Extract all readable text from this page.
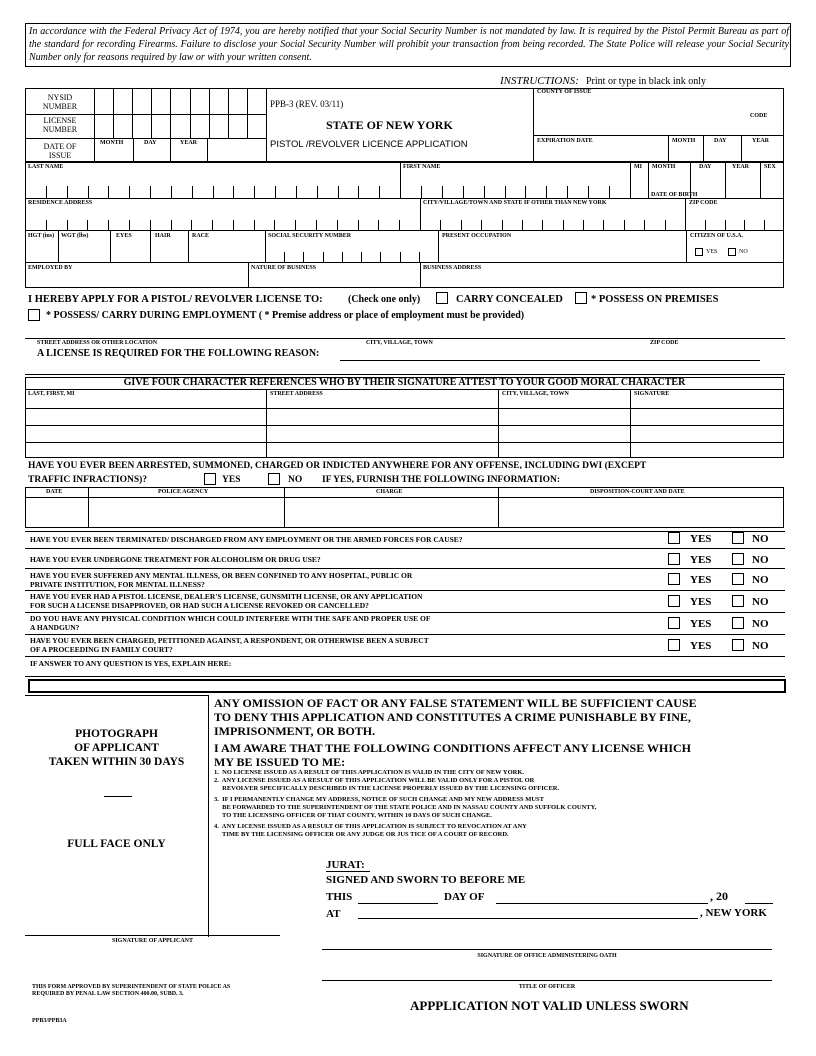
In accordance with the Federal Privacy Act of 1974, you are hereby notified that your Social Security Number is not mandated by law. It is required by the Pistol Permit Bureau as part of the standard for recording Firearms. Failure to disclose your Social Security Number will prohibit your transaction from being recorded. The State Police will release your Social Security Number only for reasons required by law or with your written consent.
INSTRUCTIONS: Print or type in black ink only
NYSID NUMBER
LICENSE NUMBER
DATE OF ISSUE
MONTH	DAY	YEAR
PPB-3 (REV. 03/11)
STATE OF NEW YORK
PISTOL /REVOLVER LICENCE APPLICATION
COUNTY OF ISSUE
CODE
EXPIRATION DATE	MONTH	DAY	YEAR
LAST NAME	FIRST NAME	MI MONTH	DAY	YEAR SEX
DATE OF BIRTH
RESIDENCE ADDRESS	CITY/VILLAGE/TOWN AND STATE IF OTHER THAN NEW YORK	ZIP CODE
HGT (ins) WGT (lbs)	EYES	HAIR	RACE	SOCIAL SECURITY NUMBER	PRESENT OCCUPATION	CITIZEN OF U.S.A.
YES	NO
EMPLOYED BY	NATURE OF BUSINESS	BUSINESS ADDRESS
I HEREBY APPLY FOR A PISTOL/ REVOLVER LICENSE TO:	(Check one only)	CARRY CONCEALED	* POSSESS ON PREMISES
* POSSESS/ CARRY DURING EMPLOYMENT ( * Premise address or place of employment must be provided)
STREET ADDRESS OR OTHER LOCATION	CITY, VILLAGE, TOWN	ZIP CODE
A LICENSE IS REQUIRED FOR THE FOLLOWING REASON:
GIVE FOUR CHARACTER REFERENCES WHO BY THEIR SIGNATURE ATTEST TO YOUR GOOD MORAL CHARACTER
LAST, FIRST, MI	STREET ADDRESS	CITY, VILLAGE, TOWN	SIGNATURE
HAVE YOU EVER BEEN ARRESTED, SUMMONED, CHARGED OR INDICTED ANYWHERE FOR ANY OFFENSE, INCLUDING DWI (EXCEPT
TRAFFIC INFRACTIONS)?	YES	NO IF YES, FURNISH THE FOLLOWING INFORMATION:
DATE	POLICE AGENCY	CHARGE	DISPOSITION-COURT AND DATE
HAVE YOU EVER BEEN TERMINATED/ DISCHARGED FROM ANY EMPLOYMENT OR THE ARMED FORCES FOR CAUSE?	YES	NO
HAVE YOU EVER UNDERGONE TREATMENT FOR ALCOHOLISM OR DRUG USE?	YES	NO
HAVE YOU EVER SUFFERED ANY MENTAL ILLNESS, OR BEEN CONFINED TO ANY HOSPITAL, PUBLIC OR
PRIVATE INSTITUTION, FOR MENTAL ILLNESS?	YES	NO
HAVE YOU EVER HAD A PISTOL LICENSE, DEALER'S LICENSE, GUNSMITH LICENSE, OR ANY APPLICATION
FOR SUCH A LICENSE DISAPPROVED, OR HAD SUCH A LICENSE REVOKED OR CANCELLED?	YES	NO
DO YOU HAVE ANY PHYSICAL CONDITION WHICH COULD INTERFERE WITH THE SAFE AND PROPER USE OF
A HANDGUN?	YES	NO
HAVE YOU EVER BEEN CHARGED, PETITIONED AGAINST, A RESPONDENT, OR OTHERWISE BEEN A SUBJECT
OF A PROCEEDING IN FAMILY COURT?	YES	NO
IF ANSWER TO ANY QUESTION IS YES, EXPLAIN HERE:
PHOTOGRAPH
OF APPLICANT
TAKEN WITHIN 30 DAYS
FULL FACE ONLY
ANY OMISSION OF FACT OR ANY FALSE STATEMENT WILL BE SUFFICIENT CAUSE
TO DENY THIS APPLICATION AND CONSTITUTES A CRIME PUNISHABLE BY FINE,
IMPRISONMENT, OR BOTH.
I AM AWARE THAT THE FOLLOWING CONDITIONS AFFECT ANY LICENSE WHICH
MY BE ISSUED TO ME:
1.  NO LICENSE ISSUED AS A RESULT OF THIS APPLICATION IS VALID IN THE CITY OF NEW YORK.
2.  ANY LICENSE ISSUED AS A RESULT OF THIS APPLICATION WILL BE VALID ONLY FOR A PISTOL OR
REVOLVER SPECIFICALLY DESCRIBED IN THE LICENSE PROPERLY ISSUED BY THE LICENSING OFFICER.
3.  IF I PERMANENTLY CHANGE MY ADDRESS, NOTICE OF SUCH CHANGE AND MY NEW ADDRESS MUST
BE FORWARDED TO THE SUPERINTENDENT OF THE STATE POLICE AND IN NASSAU COUNTY AND SUFFOLK COUNTY,
TO THE LICENSING OFFICER OF THAT COUNTY, WITHIN 10 DAYS OF SUCH CHANGE.
4.  ANY LICENSE ISSUED AS A RESULT OF THIS APPLICATION IS SUBJECT TO REVOCATION AT ANY
TIME BY THE LICENSING OFFICER OR ANY JUDGE OR JUS TICE OF A COURT OF RECORD.
JURAT:
SIGNED AND SWORN TO BEFORE ME
THIS	DAY OF	, 20
AT	, NEW YORK
SIGNATURE OF APPLICANT
SIGNATURE OF OFFICE ADMINISTERING OATH
TITLE OF OFFICER
THIS FORM APPROVED BY SUPERINTENDENT OF STATE POLICE AS
REQUIRED BY PENAL LAW SECTION 400.00, SUBD. 3.
PPB3/PPB3A
APPPLICATION NOT VALID UNLESS SWORN
